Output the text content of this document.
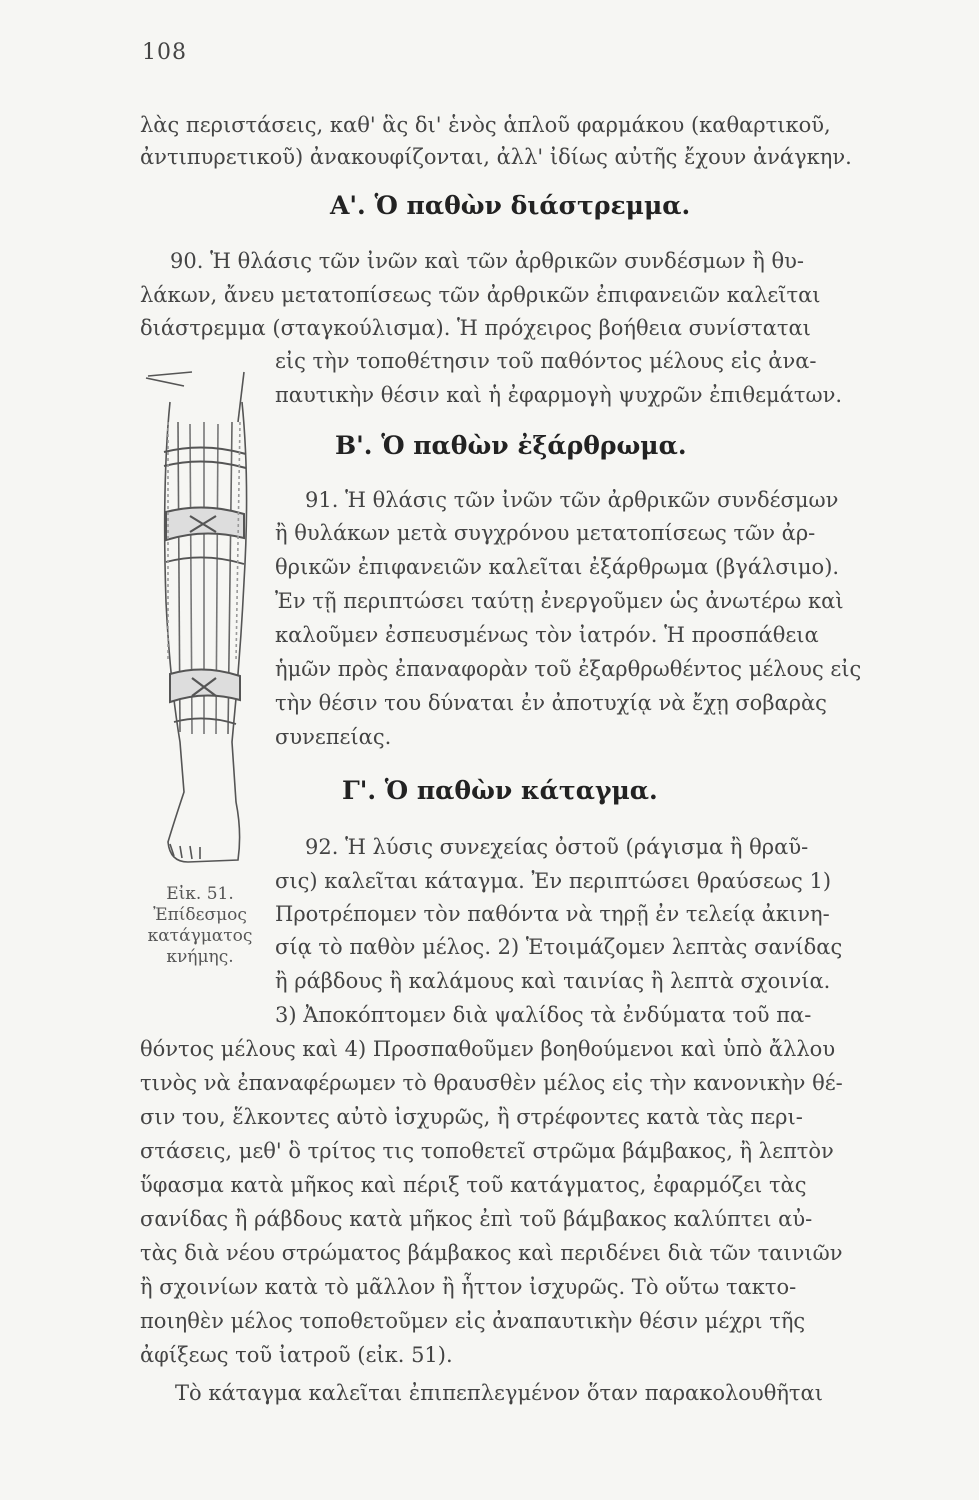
108
λὰς περιστάσεις, καθ' ἃς δι' ἑνὸς ἁπλοῦ φαρμάκου (καθαρτικοῦ,
ἀντιπυρετικοῦ) ἀνακουφίζονται, ἀλλ' ἰδίως αὐτῆς ἔχουν ἀνάγκην.
Α'. Ὁ παθὼν διάστρεμμα.
90. Ἡ θλάσις τῶν ἰνῶν καὶ τῶν ἀρθρικῶν συνδέσμων ἢ θυ-
λάκων, ἄνευ μετατοπίσεως τῶν ἀρθρικῶν ἐπιφανειῶν καλεῖται
διάστρεμμα (σταγκούλισμα). Ἡ πρόχειρος βοήθεια συνίσταται
εἰς τὴν τοποθέτησιν τοῦ παθόντος μέλους εἰς ἀνα-
παυτικὴν θέσιν καὶ ἡ ἐφαρμογὴ ψυχρῶν ἐπιθεμάτων.
Β'. Ὁ παθὼν ἐξάρθρωμα.
91. Ἡ θλάσις τῶν ἰνῶν τῶν ἀρθρικῶν συνδέσμων
ἢ θυλάκων μετὰ συγχρόνου μετατοπίσεως τῶν ἀρ-
θρικῶν ἐπιφανειῶν καλεῖται ἐξάρθρωμα (βγάλσιμο).
Ἐν τῇ περιπτώσει ταύτῃ ἐνεργοῦμεν ὡς ἀνωτέρω καὶ
καλοῦμεν ἐσπευσμένως τὸν ἰατρόν. Ἡ προσπάθεια
ἡμῶν πρὸς ἐπαναφορὰν τοῦ ἐξαρθρωθέντος μέλους εἰς
τὴν θέσιν του δύναται ἐν ἀποτυχίᾳ νὰ ἔχῃ σοβαρὰς
συνεπείας.
Γ'. Ὁ παθὼν κάταγμα.
92. Ἡ λύσις συνεχείας ὀστοῦ (ράγισμα ἢ θραῦ-
σις) καλεῖται κάταγμα. Ἐν περιπτώσει θραύσεως 1)
Προτρέπομεν τὸν παθόντα νὰ τηρῇ ἐν τελείᾳ ἀκινη-
σίᾳ τὸ παθὸν μέλος. 2) Ἑτοιμάζομεν λεπτὰς σανίδας
ἢ ράβδους ἢ καλάμους καὶ ταινίας ἢ λεπτὰ σχοινία.
3) Ἀποκόπτομεν διὰ ψαλίδος τὰ ἐνδύματα τοῦ πα-
θόντος μέλους καὶ 4) Προσπαθοῦμεν βοηθούμενοι καὶ ὑπὸ ἄλλου
τινὸς νὰ ἐπαναφέρωμεν τὸ θραυσθὲν μέλος εἰς τὴν κανονικὴν θέ-
σιν του, ἕλκοντες αὐτὸ ἰσχυρῶς, ἢ στρέφοντες κατὰ τὰς περι-
στάσεις, μεθ' ὃ τρίτος τις τοποθετεῖ στρῶμα βάμβακος, ἢ λεπτὸν
ὕφασμα κατὰ μῆκος καὶ πέριξ τοῦ κατάγματος, ἐφαρμόζει τὰς
σανίδας ἢ ράβδους κατὰ μῆκος ἐπὶ τοῦ βάμβακος καλύπτει αὐ-
τὰς διὰ νέου στρώματος βάμβακος καὶ περιδένει διὰ τῶν ταινιῶν
ἢ σχοινίων κατὰ τὸ μᾶλλον ἢ ἧττον ἰσχυρῶς. Τὸ οὕτω τακτο-
ποιηθὲν μέλος τοποθετοῦμεν εἰς ἀναπαυτικὴν θέσιν μέχρι τῆς
ἀφίξεως τοῦ ἰατροῦ (εἰκ. 51).
Τὸ κάταγμα καλεῖται ἐπιπεπλεγμένον ὅταν παρακολουθῆται
Εἰκ. 51.
Ἐπίδεσμος
κατάγματος
κνήμης.
